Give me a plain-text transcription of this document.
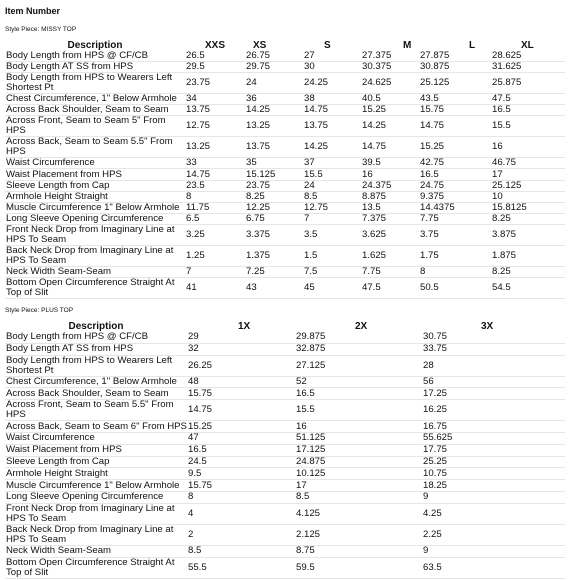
Item Number
Style Piece: MISSY TOP
Description	XXS	XS	S	M	L	XL
Body Length from HPS @ CF/CB	26.5	26.75	27	27.375	27.875	28.625
Body Length AT SS from HPS	29.5	29.75	30	30.375	30.875	31.625
Body Length from HPS to Wearers Left Shortest Pt	23.75	24	24.25	24.625	25.125	25.875
Chest Circumference, 1" Below Armhole	34	36	38	40.5	43.5	47.5
Across Back Shoulder, Seam to Seam	13.75	14.25	14.75	15.25	15.75	16.5
Across Front, Seam to Seam 5" From HPS	12.75	13.25	13.75	14.25	14.75	15.5
Across Back, Seam to Seam 5.5" From HPS	13.25	13.75	14.25	14.75	15.25	16
Waist Circumference	33	35	37	39.5	42.75	46.75
Waist Placement from HPS	14.75	15.125	15.5	16	16.5	17
Sleeve Length from Cap	23.5	23.75	24	24.375	24.75	25.125
Armhole Height Straight	8	8.25	8.5	8.875	9.375	10
Muscle Circumference 1" Below Armhole	11.75	12.25	12.75	13.5	14.4375	15.8125
Long Sleeve Opening Circumference	6.5	6.75	7	7.375	7.75	8.25
Front Neck Drop from Imaginary Line at HPS To Seam	3.25	3.375	3.5	3.625	3.75	3.875
Back Neck Drop from Imaginary Line at HPS To Seam	1.25	1.375	1.5	1.625	1.75	1.875
Neck Width Seam-Seam	7	7.25	7.5	7.75	8	8.25
Bottom Open Circumference Straight At Top of Slit	41	43	45	47.5	50.5	54.5
Style Piece: PLUS TOP
Description	1X	2X	3X
Body Length from HPS @ CF/CB	29	29.875	30.75
Body Length AT SS from HPS	32	32.875	33.75
Body Length from HPS to Wearers Left Shortest Pt	26.25	27.125	28
Chest Circumference, 1" Below Armhole	48	52	56
Across Back Shoulder, Seam to Seam	15.75	16.5	17.25
Across Front, Seam to Seam 5.5" From HPS	14.75	15.5	16.25
Across Back, Seam to Seam 6" From HPS	15.25	16	16.75
Waist Circumference	47	51.125	55.625
Waist Placement from HPS	16.5	17.125	17.75
Sleeve Length from Cap	24.5	24.875	25.25
Armhole Height Straight	9.5	10.125	10.75
Muscle Circumference 1" Below Armhole	15.75	17	18.25
Long Sleeve Opening Circumference	8	8.5	9
Front Neck Drop from Imaginary Line at HPS To Seam	4	4.125	4.25
Back Neck Drop from Imaginary Line at HPS To Seam	2	2.125	2.25
Neck Width Seam-Seam	8.5	8.75	9
Bottom Open Circumference Straight At Top of Slit	55.5	59.5	63.5
